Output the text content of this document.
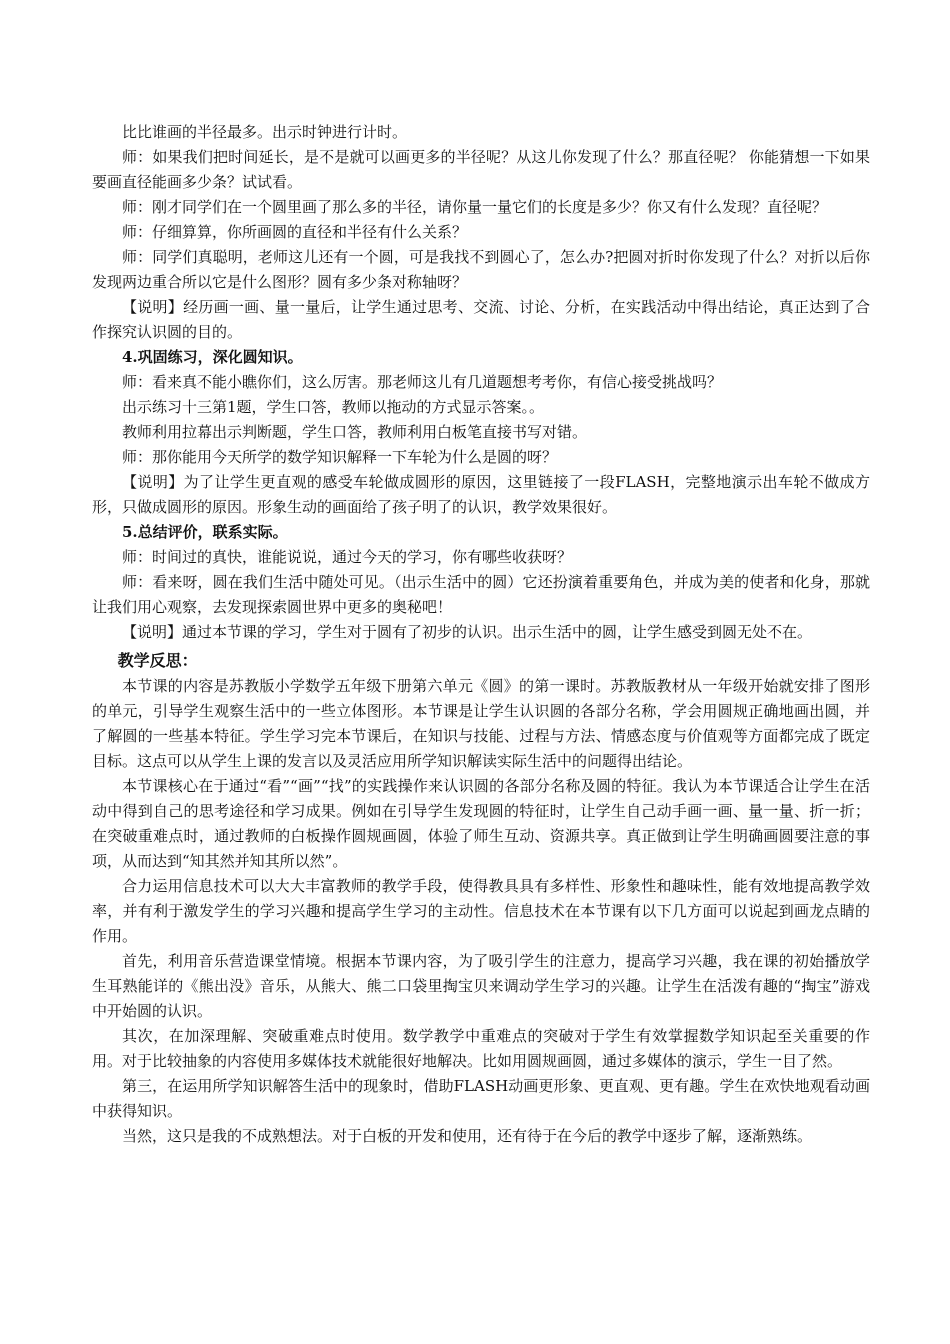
比比谁画的半径最多。出示时钟进行计时。

师：如果我们把时间延长，是不是就可以画更多的半径呢？从这儿你发现了什么？那直径呢？ 你能猜想一下如果要画直径能画多少条？试试看。

师：刚才同学们在一个圆里画了那么多的半径，请你量一量它们的长度是多少？你又有什么发现？直径呢？

师：仔细算算，你所画圆的直径和半径有什么关系？

师：同学们真聪明，老师这儿还有一个圆，可是我找不到圆心了，怎么办?把圆对折时你发现了什么？对折以后你发现两边重合所以它是什么图形？圆有多少条对称轴呀？

【说明】经历画一画、量一量后，让学生通过思考、交流、讨论、分析，在实践活动中得出结论，真正达到了合作探究认识圆的目的。

4.巩固练习，深化圆知识。

师：看来真不能小瞧你们，这么厉害。那老师这儿有几道题想考考你，有信心接受挑战吗？

出示练习十三第1题，学生口答，教师以拖动的方式显示答案。。

教师利用拉幕出示判断题，学生口答，教师利用白板笔直接书写对错。

师：那你能用今天所学的数学知识解释一下车轮为什么是圆的呀？

【说明】为了让学生更直观的感受车轮做成圆形的原因，这里链接了一段FLASH，完整地演示出车轮不做成方形，只做成圆形的原因。形象生动的画面给了孩子明了的认识，教学效果很好。

5.总结评价，联系实际。

师：时间过的真快，谁能说说，通过今天的学习，你有哪些收获呀？

师：看来呀，圆在我们生活中随处可见。（出示生活中的圆）它还扮演着重要角色，并成为美的使者和化身，那就让我们用心观察，去发现探索圆世界中更多的奥秘吧！

【说明】通过本节课的学习，学生对于圆有了初步的认识。出示生活中的圆，让学生感受到圆无处不在。

教学反思：

本节课的内容是苏教版小学数学五年级下册第六单元《圆》的第一课时。苏教版教材从一年级开始就安排了图形的单元，引导学生观察生活中的一些立体图形。本节课是让学生认识圆的各部分名称，学会用圆规正确地画出圆，并了解圆的一些基本特征。学生学习完本节课后，在知识与技能、过程与方法、情感态度与价值观等方面都完成了既定目标。这点可以从学生上课的发言以及灵活应用所学知识解读实际生活中的问题得出结论。

本节课核心在于通过“看”“画”“找”的实践操作来认识圆的各部分名称及圆的特征。我认为本节课适合让学生在活动中得到自己的思考途径和学习成果。例如在引导学生发现圆的特征时，让学生自己动手画一画、量一量、折一折；在突破重难点时，通过教师的白板操作圆规画圆，体验了师生互动、资源共享。真正做到让学生明确画圆要注意的事项，从而达到“知其然并知其所以然”。

合力运用信息技术可以大大丰富教师的教学手段，使得教具具有多样性、形象性和趣味性，能有效地提高教学效率，并有利于激发学生的学习兴趣和提高学生学习的主动性。信息技术在本节课有以下几方面可以说起到画龙点睛的作用。

首先，利用音乐营造课堂情境。根据本节课内容，为了吸引学生的注意力，提高学习兴趣，我在课的初始播放学生耳熟能详的《熊出没》音乐，从熊大、熊二口袋里掏宝贝来调动学生学习的兴趣。让学生在活泼有趣的“掏宝”游戏中开始圆的认识。

其次，在加深理解、突破重难点时使用。数学教学中重难点的突破对于学生有效掌握数学知识起至关重要的作用。对于比较抽象的内容使用多媒体技术就能很好地解决。比如用圆规画圆，通过多媒体的演示，学生一目了然。

第三，在运用所学知识解答生活中的现象时，借助FLASH动画更形象、更直观、更有趣。学生在欢快地观看动画中获得知识。

当然，这只是我的不成熟想法。对于白板的开发和使用，还有待于在今后的教学中逐步了解，逐渐熟练。
